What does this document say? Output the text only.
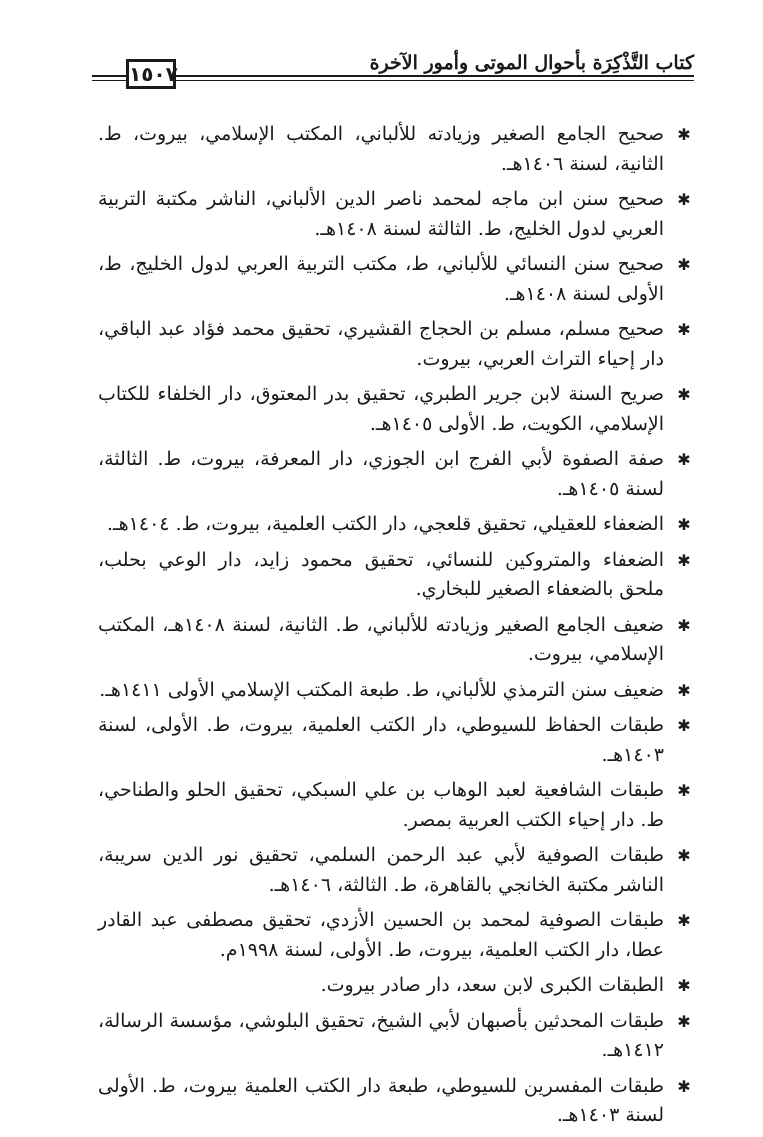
١٥٠٧	كتاب التَّذْكِرَة بأحوال الموتى وأمور الآخرة
✱
صحيح الجامع الصغير وزيادته للألباني، المكتب الإسلامي، بيروت، ط. الثانية، لسنة ١٤٠٦هـ.
✱
صحيح سنن ابن ماجه لمحمد ناصر الدين الألباني، الناشر مكتبة التربية العربي لدول الخليج، ط. الثالثة لسنة ١٤٠٨هـ.
✱
صحيح سنن النسائي للألباني، ط، مكتب التربية العربي لدول الخليج، ط، الأولى لسنة ١٤٠٨هـ.
✱
صحيح مسلم، مسلم بن الحجاج القشيري، تحقيق محمد فؤاد عبد الباقي، دار إحياء التراث العربي، بيروت.
✱
صريح السنة لابن جرير الطبري، تحقيق بدر المعتوق، دار الخلفاء للكتاب الإسلامي، الكويت، ط. الأولى ١٤٠٥هـ.
✱
صفة الصفوة لأبي الفرج ابن الجوزي، دار المعرفة، بيروت، ط. الثالثة، لسنة ١٤٠٥هـ.
✱
الضعفاء للعقيلي، تحقيق قلعجي، دار الكتب العلمية، بيروت، ط. ١٤٠٤هـ.
✱
الضعفاء والمتروكين للنسائي، تحقيق محمود زايد، دار الوعي بحلب، ملحق بالضعفاء الصغير للبخاري.
✱
ضعيف الجامع الصغير وزيادته للألباني، ط. الثانية، لسنة ١٤٠٨هـ، المكتب الإسلامي، بيروت.
✱
ضعيف سنن الترمذي للألباني، ط. طبعة المكتب الإسلامي الأولى ١٤١١هـ.
✱
طبقات الحفاظ للسيوطي، دار الكتب العلمية، بيروت، ط. الأولى، لسنة ١٤٠٣هـ.
✱
طبقات الشافعية لعبد الوهاب بن علي السبكي، تحقيق الحلو والطناحي، ط. دار إحياء الكتب العربية بمصر.
✱
طبقات الصوفية لأبي عبد الرحمن السلمي، تحقيق نور الدين سريبة، الناشر مكتبة الخانجي بالقاهرة، ط. الثالثة، ١٤٠٦هـ.
✱
طبقات الصوفية لمحمد بن الحسين الأزدي، تحقيق مصطفى عبد القادر عطا، دار الكتب العلمية، بيروت، ط. الأولى، لسنة ١٩٩٨م.
✱
الطبقات الكبرى لابن سعد، دار صادر بيروت.
✱
طبقات المحدثين بأصبهان لأبي الشيخ، تحقيق البلوشي، مؤسسة الرسالة، ١٤١٢هـ.
✱
طبقات المفسرين للسيوطي، طبعة دار الكتب العلمية بيروت، ط. الأولى لسنة ١٤٠٣هـ.
